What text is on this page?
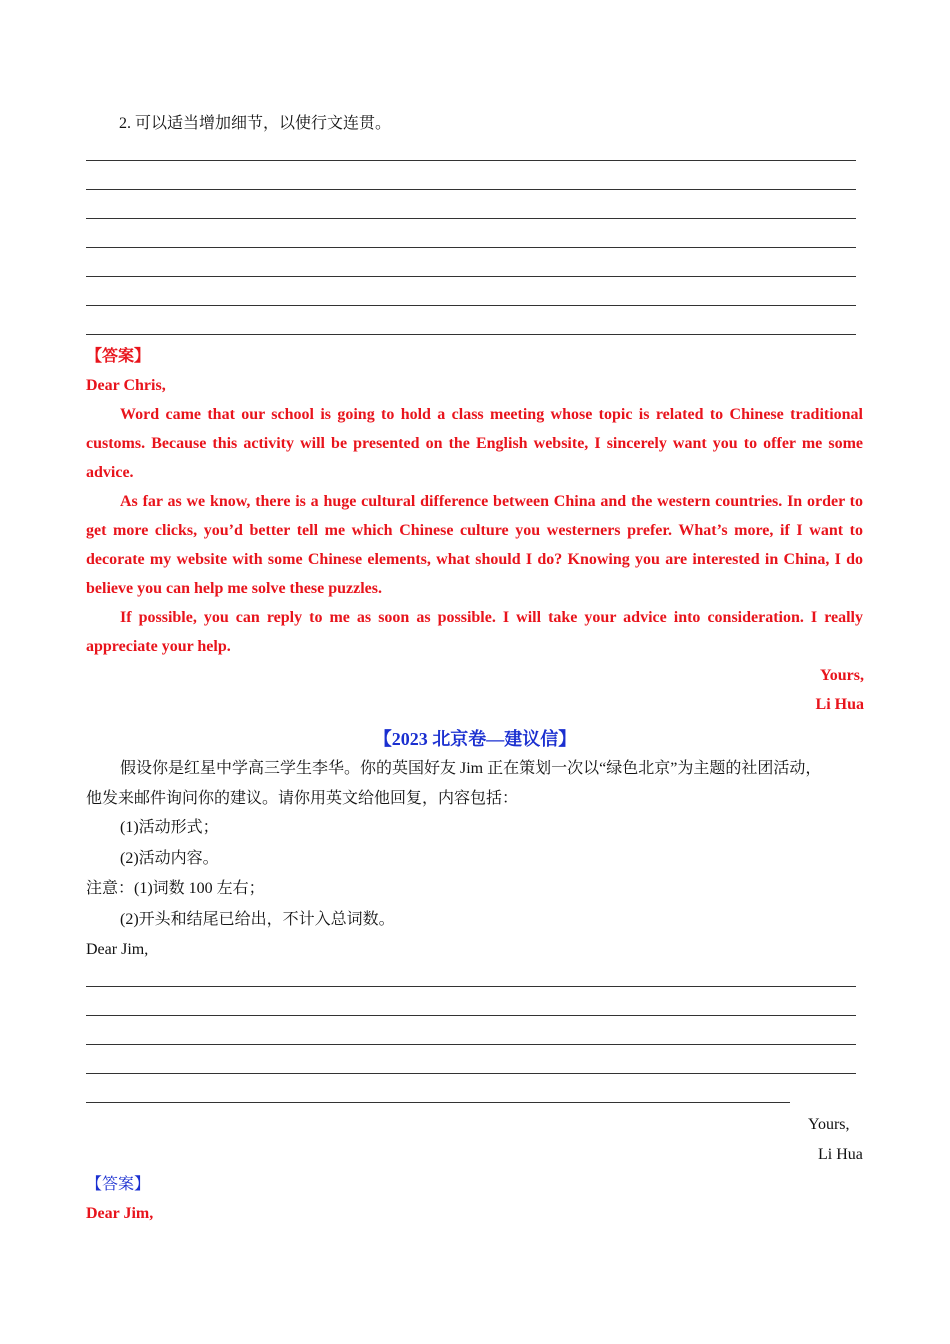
2. 可以适当增加细节，以使行文连贯。
【答案】
Dear Chris,
Word came that our school is going to hold a class meeting whose topic is related to Chinese traditional customs. Because this activity will be presented on the English website, I sincerely want you to offer me some advice.
As far as we know, there is a huge cultural difference between China and the western countries. In order to get more clicks, you’d better tell me which Chinese culture you westerners prefer. What’s more, if I want to decorate my website with some Chinese elements, what should I do? Knowing you are interested in China, I do believe you can help me solve these puzzles.
If possible, you can reply to me as soon as possible. I will take your advice into consideration. I really appreciate your help.
Yours,
Li Hua
【2023 北京卷—建议信】
假设你是红星中学高三学生李华。你的英国好友 Jim 正在策划一次以“绿色北京”为主题的社团活动，
他发来邮件询问你的建议。请你用英文给他回复，内容包括：
(1)活动形式；
(2)活动内容。
注意：(1)词数 100 左右；
(2)开头和结尾已给出，不计入总词数。
Dear Jim,
Yours,
Li Hua
【答案】
Dear Jim,
